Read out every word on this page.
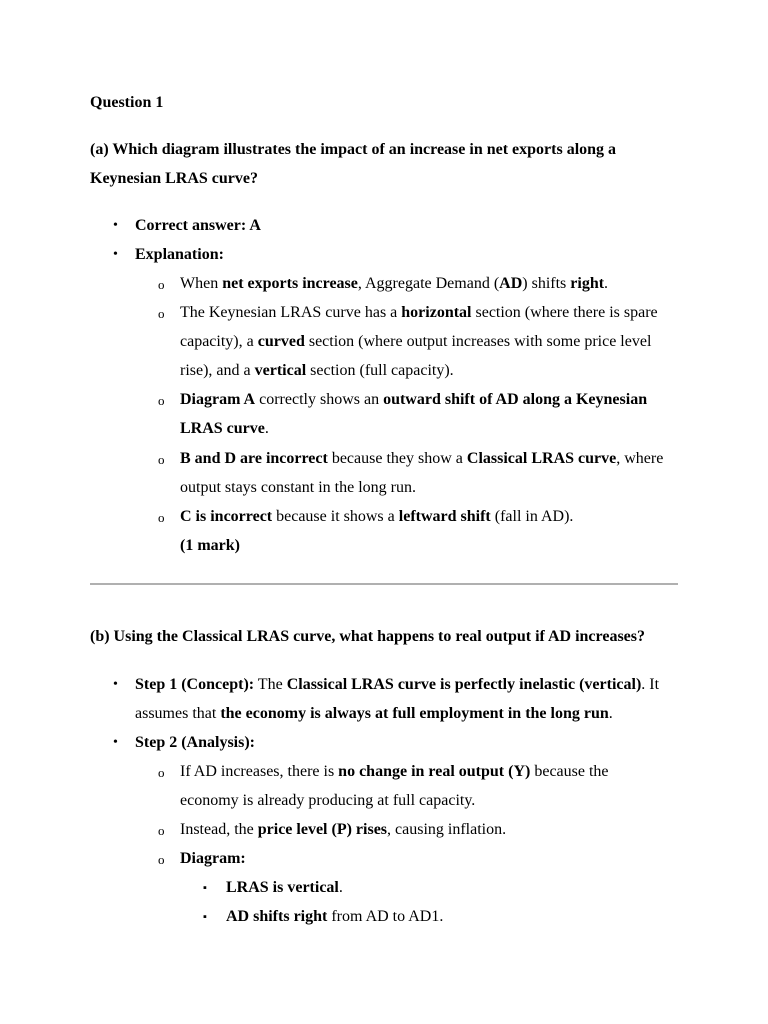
Question 1
(a) Which diagram illustrates the impact of an increase in net exports along a
Keynesian LRAS curve?
• Correct answer: A
• Explanation:
o When net exports increase, Aggregate Demand (AD) shifts right.
o The Keynesian LRAS curve has a horizontal section (where there is spare
capacity), a curved section (where output increases with some price level
rise), and a vertical section (full capacity).
o Diagram A correctly shows an outward shift of AD along a Keynesian
LRAS curve.
o B and D are incorrect because they show a Classical LRAS curve, where
output stays constant in the long run.
o C is incorrect because it shows a leftward shift (fall in AD).
(1 mark)
(b) Using the Classical LRAS curve, what happens to real output if AD increases?
• Step 1 (Concept): The Classical LRAS curve is perfectly inelastic (vertical). It
assumes that the economy is always at full employment in the long run.
• Step 2 (Analysis):
o If AD increases, there is no change in real output (Y) because the
economy is already producing at full capacity.
o Instead, the price level (P) rises, causing inflation.
o Diagram:
▪ LRAS is vertical.
▪ AD shifts right from AD to AD1.
